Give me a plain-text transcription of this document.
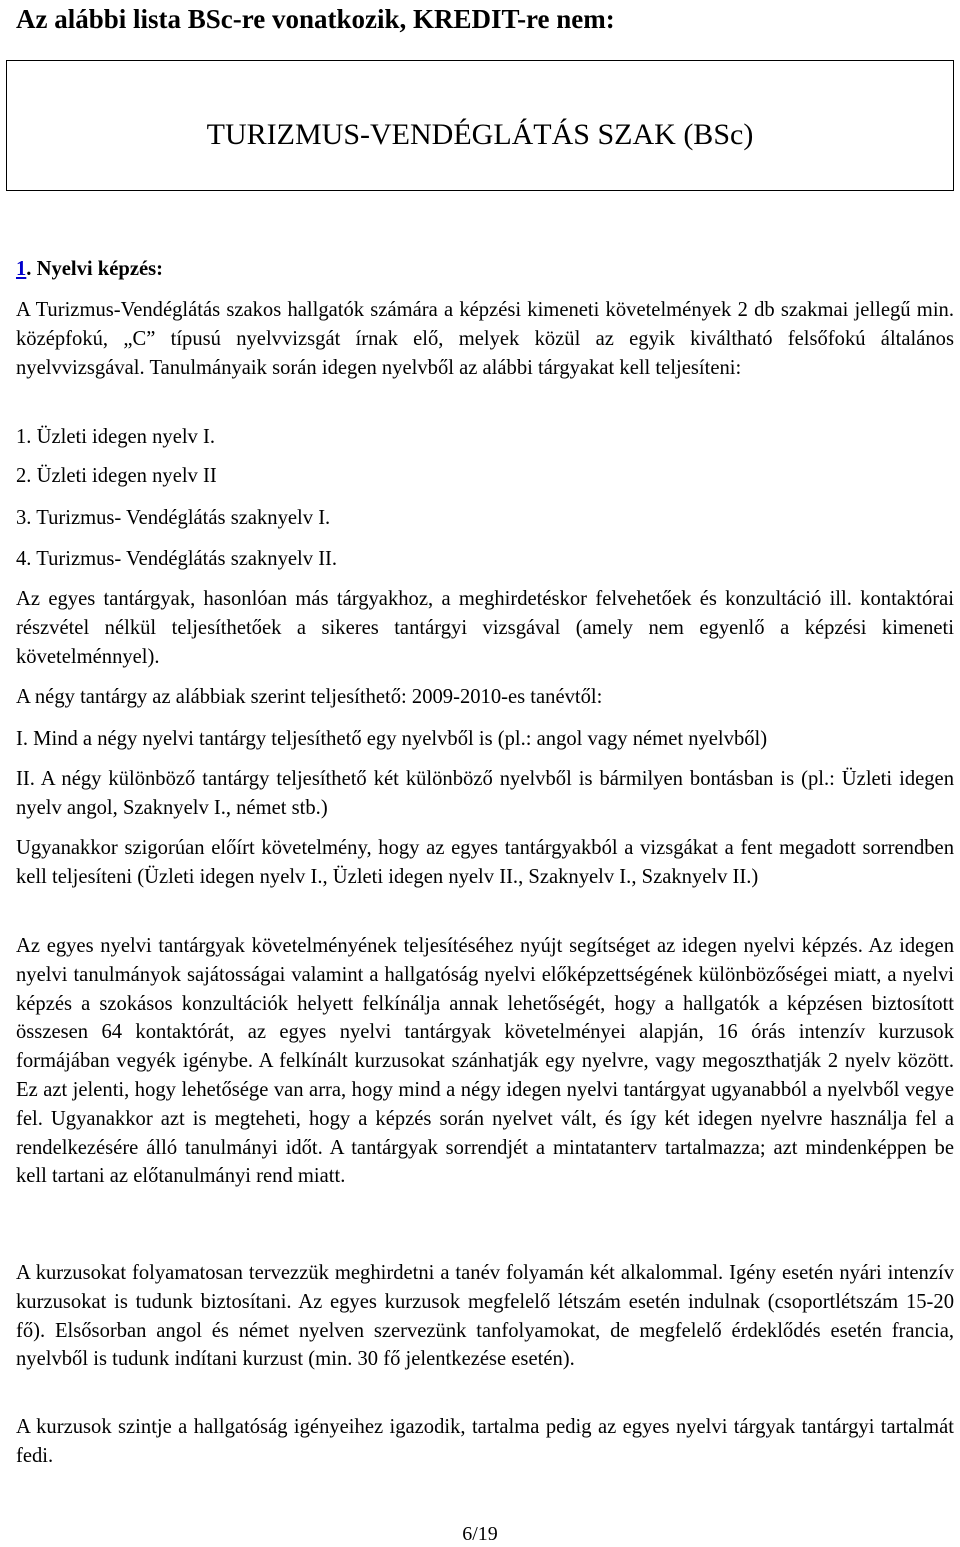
Az alábbi lista BSc-re vonatkozik, KREDIT-re nem:
TURIZMUS-VENDÉGLÁTÁS SZAK (BSc)
1. Nyelvi képzés:
A Turizmus-Vendéglátás szakos hallgatók számára a képzési kimeneti követelmények 2 db szakmai jellegű min. középfokú, „C” típusú nyelvvizsgát írnak elő, melyek közül az egyik kiváltható felsőfokú általános nyelvvizsgával. Tanulmányaik során idegen nyelvből az alábbi tárgyakat kell teljesíteni:
1. Üzleti idegen nyelv I.
2. Üzleti idegen nyelv II
3. Turizmus- Vendéglátás szaknyelv I.
4. Turizmus- Vendéglátás szaknyelv II.
Az egyes tantárgyak, hasonlóan más tárgyakhoz, a meghirdetéskor felvehetőek és konzultáció ill. kontaktórai részvétel nélkül teljesíthetőek a sikeres tantárgyi vizsgával (amely nem egyenlő a képzési kimeneti követelménnyel).
A négy tantárgy az alábbiak szerint teljesíthető: 2009-2010-es tanévtől:
I. Mind a négy nyelvi tantárgy teljesíthető egy nyelvből is (pl.: angol vagy német nyelvből)
II. A négy különböző tantárgy teljesíthető két különböző nyelvből is bármilyen bontásban is (pl.: Üzleti idegen nyelv angol, Szaknyelv I., német stb.)
Ugyanakkor szigorúan előírt követelmény, hogy az egyes tantárgyakból a vizsgákat a fent megadott sorrendben kell teljesíteni (Üzleti idegen nyelv I., Üzleti idegen nyelv II., Szaknyelv I., Szaknyelv II.)
Az egyes nyelvi tantárgyak követelményének teljesítéséhez nyújt segítséget az idegen nyelvi képzés. Az idegen nyelvi tanulmányok sajátosságai valamint a hallgatóság nyelvi előképzettségének különbözőségei miatt, a nyelvi képzés a szokásos konzultációk helyett felkínálja annak lehetőségét, hogy a hallgatók a képzésen biztosított összesen 64 kontaktórát, az egyes nyelvi tantárgyak követelményei alapján, 16 órás intenzív kurzusok formájában vegyék igénybe. A felkínált kurzusokat szánhatják egy nyelvre, vagy megoszthatják 2 nyelv között. Ez azt jelenti, hogy lehetősége van arra, hogy mind a négy idegen nyelvi tantárgyat ugyanabból a nyelvből vegye fel. Ugyanakkor azt is megteheti, hogy a képzés során nyelvet vált, és így két idegen nyelvre használja fel a rendelkezésére álló tanulmányi időt. A tantárgyak sorrendjét a mintatanterv tartalmazza; azt mindenképpen be kell tartani az előtanulmányi rend miatt.
A kurzusokat folyamatosan tervezzük meghirdetni a tanév folyamán két alkalommal. Igény esetén nyári intenzív kurzusokat is tudunk biztosítani. Az egyes kurzusok megfelelő létszám esetén indulnak (csoportlétszám 15-20 fő). Elsősorban angol és német nyelven szervezünk tanfolyamokat, de megfelelő érdeklődés esetén francia, nyelvből is tudunk indítani kurzust (min. 30 fő jelentkezése esetén).
A kurzusok szintje a hallgatóság igényeihez igazodik, tartalma pedig az egyes nyelvi tárgyak tantárgyi tartalmát fedi.
6/19
